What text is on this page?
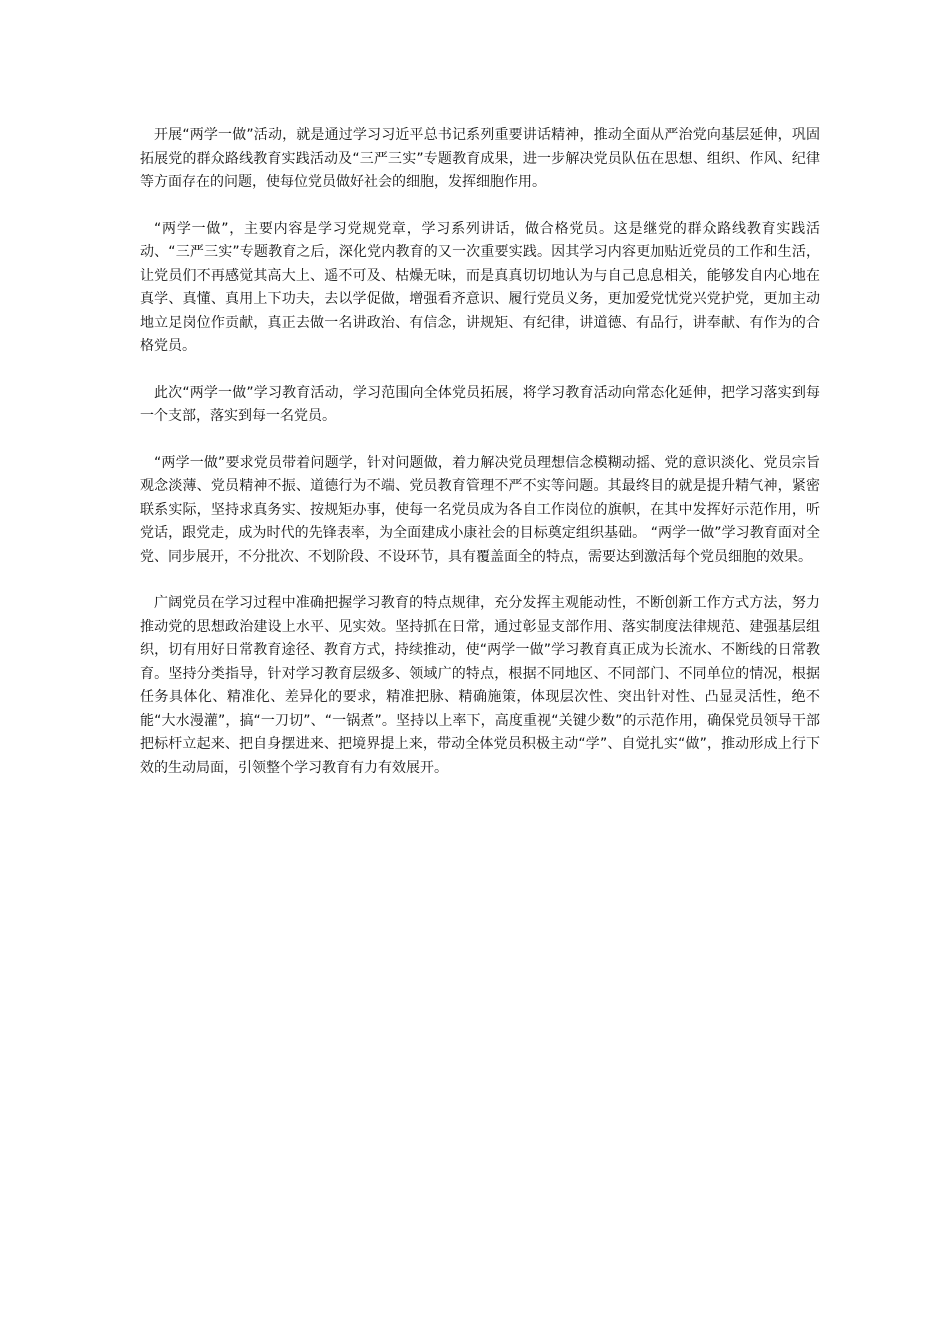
开展“两学一做”活动，就是通过学习习近平总书记系列重要讲话精神，推动全面从严治党向基层延伸，巩固拓展党的群众路线教育实践活动及“三严三实”专题教育成果，进一步解决党员队伍在思想、组织、作风、纪律等方面存在的问题，使每位党员做好社会的细胞，发挥细胞作用。

“两学一做”，主要内容是学习党规党章，学习系列讲话，做合格党员。这是继党的群众路线教育实践活动、“三严三实”专题教育之后，深化党内教育的又一次重要实践。因其学习内容更加贴近党员的工作和生活，让党员们不再感觉其高大上、遥不可及、枯燥无味，而是真真切切地认为与自己息息相关，能够发自内心地在真学、真懂、真用上下功夫，去以学促做，增强看齐意识、履行党员义务，更加爱党忧党兴党护党，更加主动地立足岗位作贡献，真正去做一名讲政治、有信念，讲规矩、有纪律，讲道德、有品行，讲奉献、有作为的合格党员。

此次“两学一做”学习教育活动，学习范围向全体党员拓展，将学习教育活动向常态化延伸，把学习落实到每一个支部，落实到每一名党员。

“两学一做”要求党员带着问题学，针对问题做，着力解决党员理想信念模糊动摇、党的意识淡化、党员宗旨观念淡薄、党员精神不振、道德行为不端、党员教育管理不严不实等问题。其最终目的就是提升精气神，紧密联系实际，坚持求真务实、按规矩办事，使每一名党员成为各自工作岗位的旗帜，在其中发挥好示范作用，听党话，跟党走，成为时代的先锋表率，为全面建成小康社会的目标奠定组织基础。 “两学一做”学习教育面对全党、同步展开，不分批次、不划阶段、不设环节，具有覆盖面全的特点，需要达到激活每个党员细胞的效果。

广阔党员在学习过程中准确把握学习教育的特点规律，充分发挥主观能动性，不断创新工作方式方法，努力推动党的思想政治建设上水平、见实效。坚持抓在日常，通过彰显支部作用、落实制度法律规范、建强基层组织，切有用好日常教育途径、教育方式，持续推动，使“两学一做”学习教育真正成为长流水、不断线的日常教育。坚持分类指导，针对学习教育层级多、领域广的特点，根据不同地区、不同部门、不同单位的情况，根据任务具体化、精准化、差异化的要求，精准把脉、精确施策，体现层次性、突出针对性、凸显灵活性，绝不能“大水漫灌”，搞“一刀切”、“一锅煮”。坚持以上率下，高度重视“关键少数”的示范作用，确保党员领导干部把标杆立起来、把自身摆进来、把境界提上来，带动全体党员积极主动“学”、自觉扎实“做”，推动形成上行下效的生动局面，引领整个学习教育有力有效展开。
